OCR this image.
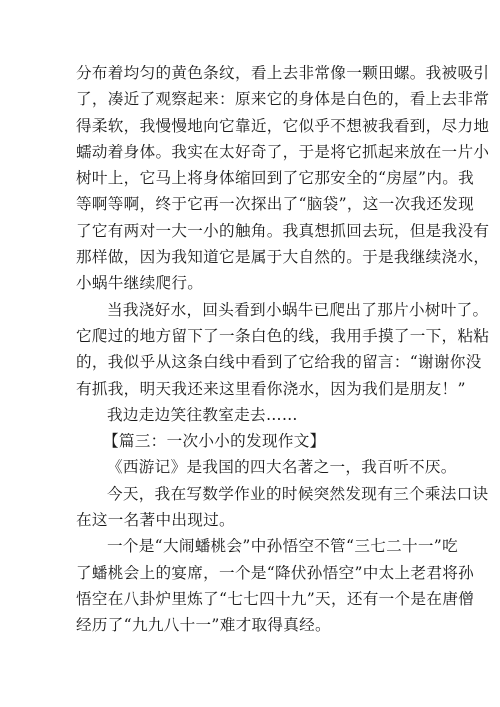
分布着均匀的黄色条纹，看上去非常像一颗田螺。我被吸引

了，凑近了观察起来：原来它的身体是白色的，看上去非常

得柔软，我慢慢地向它靠近，它似乎不想被我看到，尽力地

蠕动着身体。我实在太好奇了，于是将它抓起来放在一片小

树叶上，它马上将身体缩回到了它那安全的“房屋”内。我

等啊等啊，终于它再一次探出了“脑袋”，这一次我还发现

了它有两对一大一小的触角。我真想抓回去玩，但是我没有

那样做，因为我知道它是属于大自然的。于是我继续浇水，

小蜗牛继续爬行。

当我浇好水，回头看到小蜗牛已爬出了那片小树叶了。

它爬过的地方留下了一条白色的线，我用手摸了一下，粘粘

的，我似乎从这条白线中看到了它给我的留言：“谢谢你没

有抓我，明天我还来这里看你浇水，因为我们是朋友！”

我边走边笑往教室走去……

【篇三：一次小小的发现作文】

《西游记》是我国的四大名著之一，我百听不厌。

今天，我在写数学作业的时候突然发现有三个乘法口诀

在这一名著中出现过。

一个是“大闹蟠桃会”中孙悟空不管“三七二十一”吃

了蟠桃会上的宴席，一个是“降伏孙悟空”中太上老君将孙

悟空在八卦炉里炼了“七七四十九”天，还有一个是在唐僧

经历了“九九八十一”难才取得真经。
